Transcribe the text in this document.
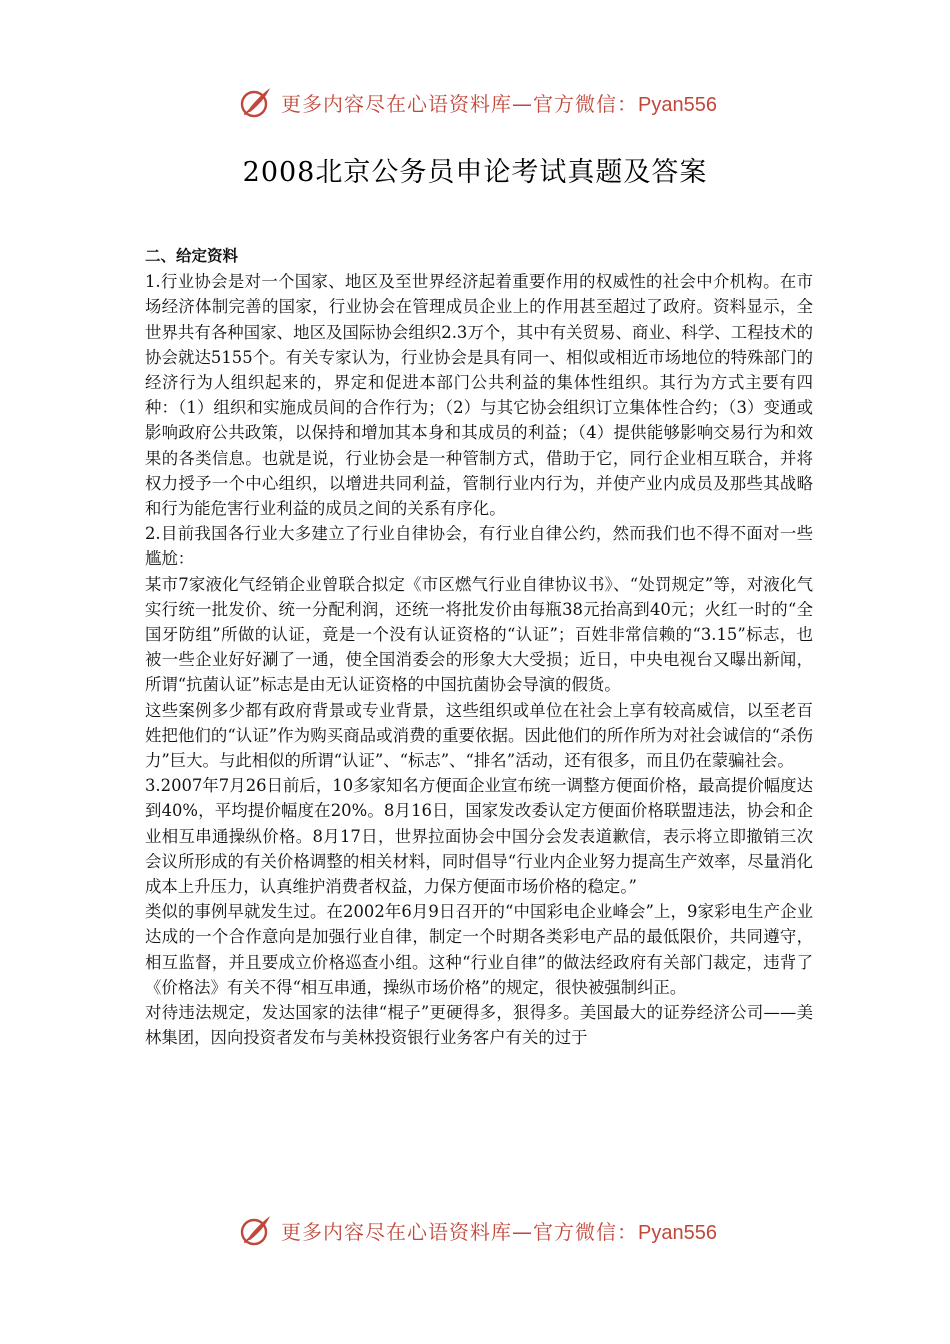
更多内容尽在心语资料库—官方微信：Pyan556
2008北京公务员申论考试真题及答案

二、给定资料

1.行业协会是对一个国家、地区及至世界经济起着重要作用的权威性的社会中介机构。在市场经济体制完善的国家，行业协会在管理成员企业上的作用甚至超过了政府。资料显示，全世界共有各种国家、地区及国际协会组织2.3万个，其中有关贸易、商业、科学、工程技术的协会就达5155个。有关专家认为，行业协会是具有同一、相似或相近市场地位的特殊部门的经济行为人组织起来的，界定和促进本部门公共利益的集体性组织。其行为方式主要有四种：（1）组织和实施成员间的合作行为；（2）与其它协会组织订立集体性合约；（3）变通或影响政府公共政策，以保持和增加其本身和其成员的利益；（4）提供能够影响交易行为和效果的各类信息。也就是说，行业协会是一种管制方式，借助于它，同行企业相互联合，并将权力授予一个中心组织，以增进共同利益，管制行业内行为，并使产业内成员及那些其战略和行为能危害行业利益的成员之间的关系有序化。

2.目前我国各行业大多建立了行业自律协会，有行业自律公约，然而我们也不得不面对一些尴尬：

某市7家液化气经销企业曾联合拟定《市区燃气行业自律协议书》、“处罚规定”等，对液化气实行统一批发价、统一分配利润，还统一将批发价由每瓶38元抬高到40元；火红一时的“全国牙防组”所做的认证，竟是一个没有认证资格的“认证”；百姓非常信赖的“3.15”标志，也被一些企业好好涮了一通，使全国消委会的形象大大受损；近日，中央电视台又曝出新闻，所谓“抗菌认证”标志是由无认证资格的中国抗菌协会导演的假货。

这些案例多少都有政府背景或专业背景，这些组织或单位在社会上享有较高威信，以至老百姓把他们的“认证”作为购买商品或消费的重要依据。因此他们的所作所为对社会诚信的“杀伤力”巨大。与此相似的所谓“认证”、“标志”、“排名”活动，还有很多，而且仍在蒙骗社会。

3.2007年7月26日前后，10多家知名方便面企业宣布统一调整方便面价格，最高提价幅度达到40%，平均提价幅度在20%。8月16日，国家发改委认定方便面价格联盟违法，协会和企业相互串通操纵价格。8月17日，世界拉面协会中国分会发表道歉信，表示将立即撤销三次会议所形成的有关价格调整的相关材料，同时倡导“行业内企业努力提高生产效率，尽量消化成本上升压力，认真维护消费者权益，力保方便面市场价格的稳定。”

类似的事例早就发生过。在2002年6月9日召开的“中国彩电企业峰会”上，9家彩电生产企业达成的一个合作意向是加强行业自律，制定一个时期各类彩电产品的最低限价，共同遵守，相互监督，并且要成立价格巡查小组。这种“行业自律”的做法经政府有关部门裁定，违背了《价格法》有关不得“相互串通，操纵市场价格”的规定，很快被强制纠正。

对待违法规定，发达国家的法律“棍子”更硬得多，狠得多。美国最大的证券经济公司——美林集团，因向投资者发布与美林投资银行业务客户有关的过于

更多内容尽在心语资料库—官方微信：Pyan556
